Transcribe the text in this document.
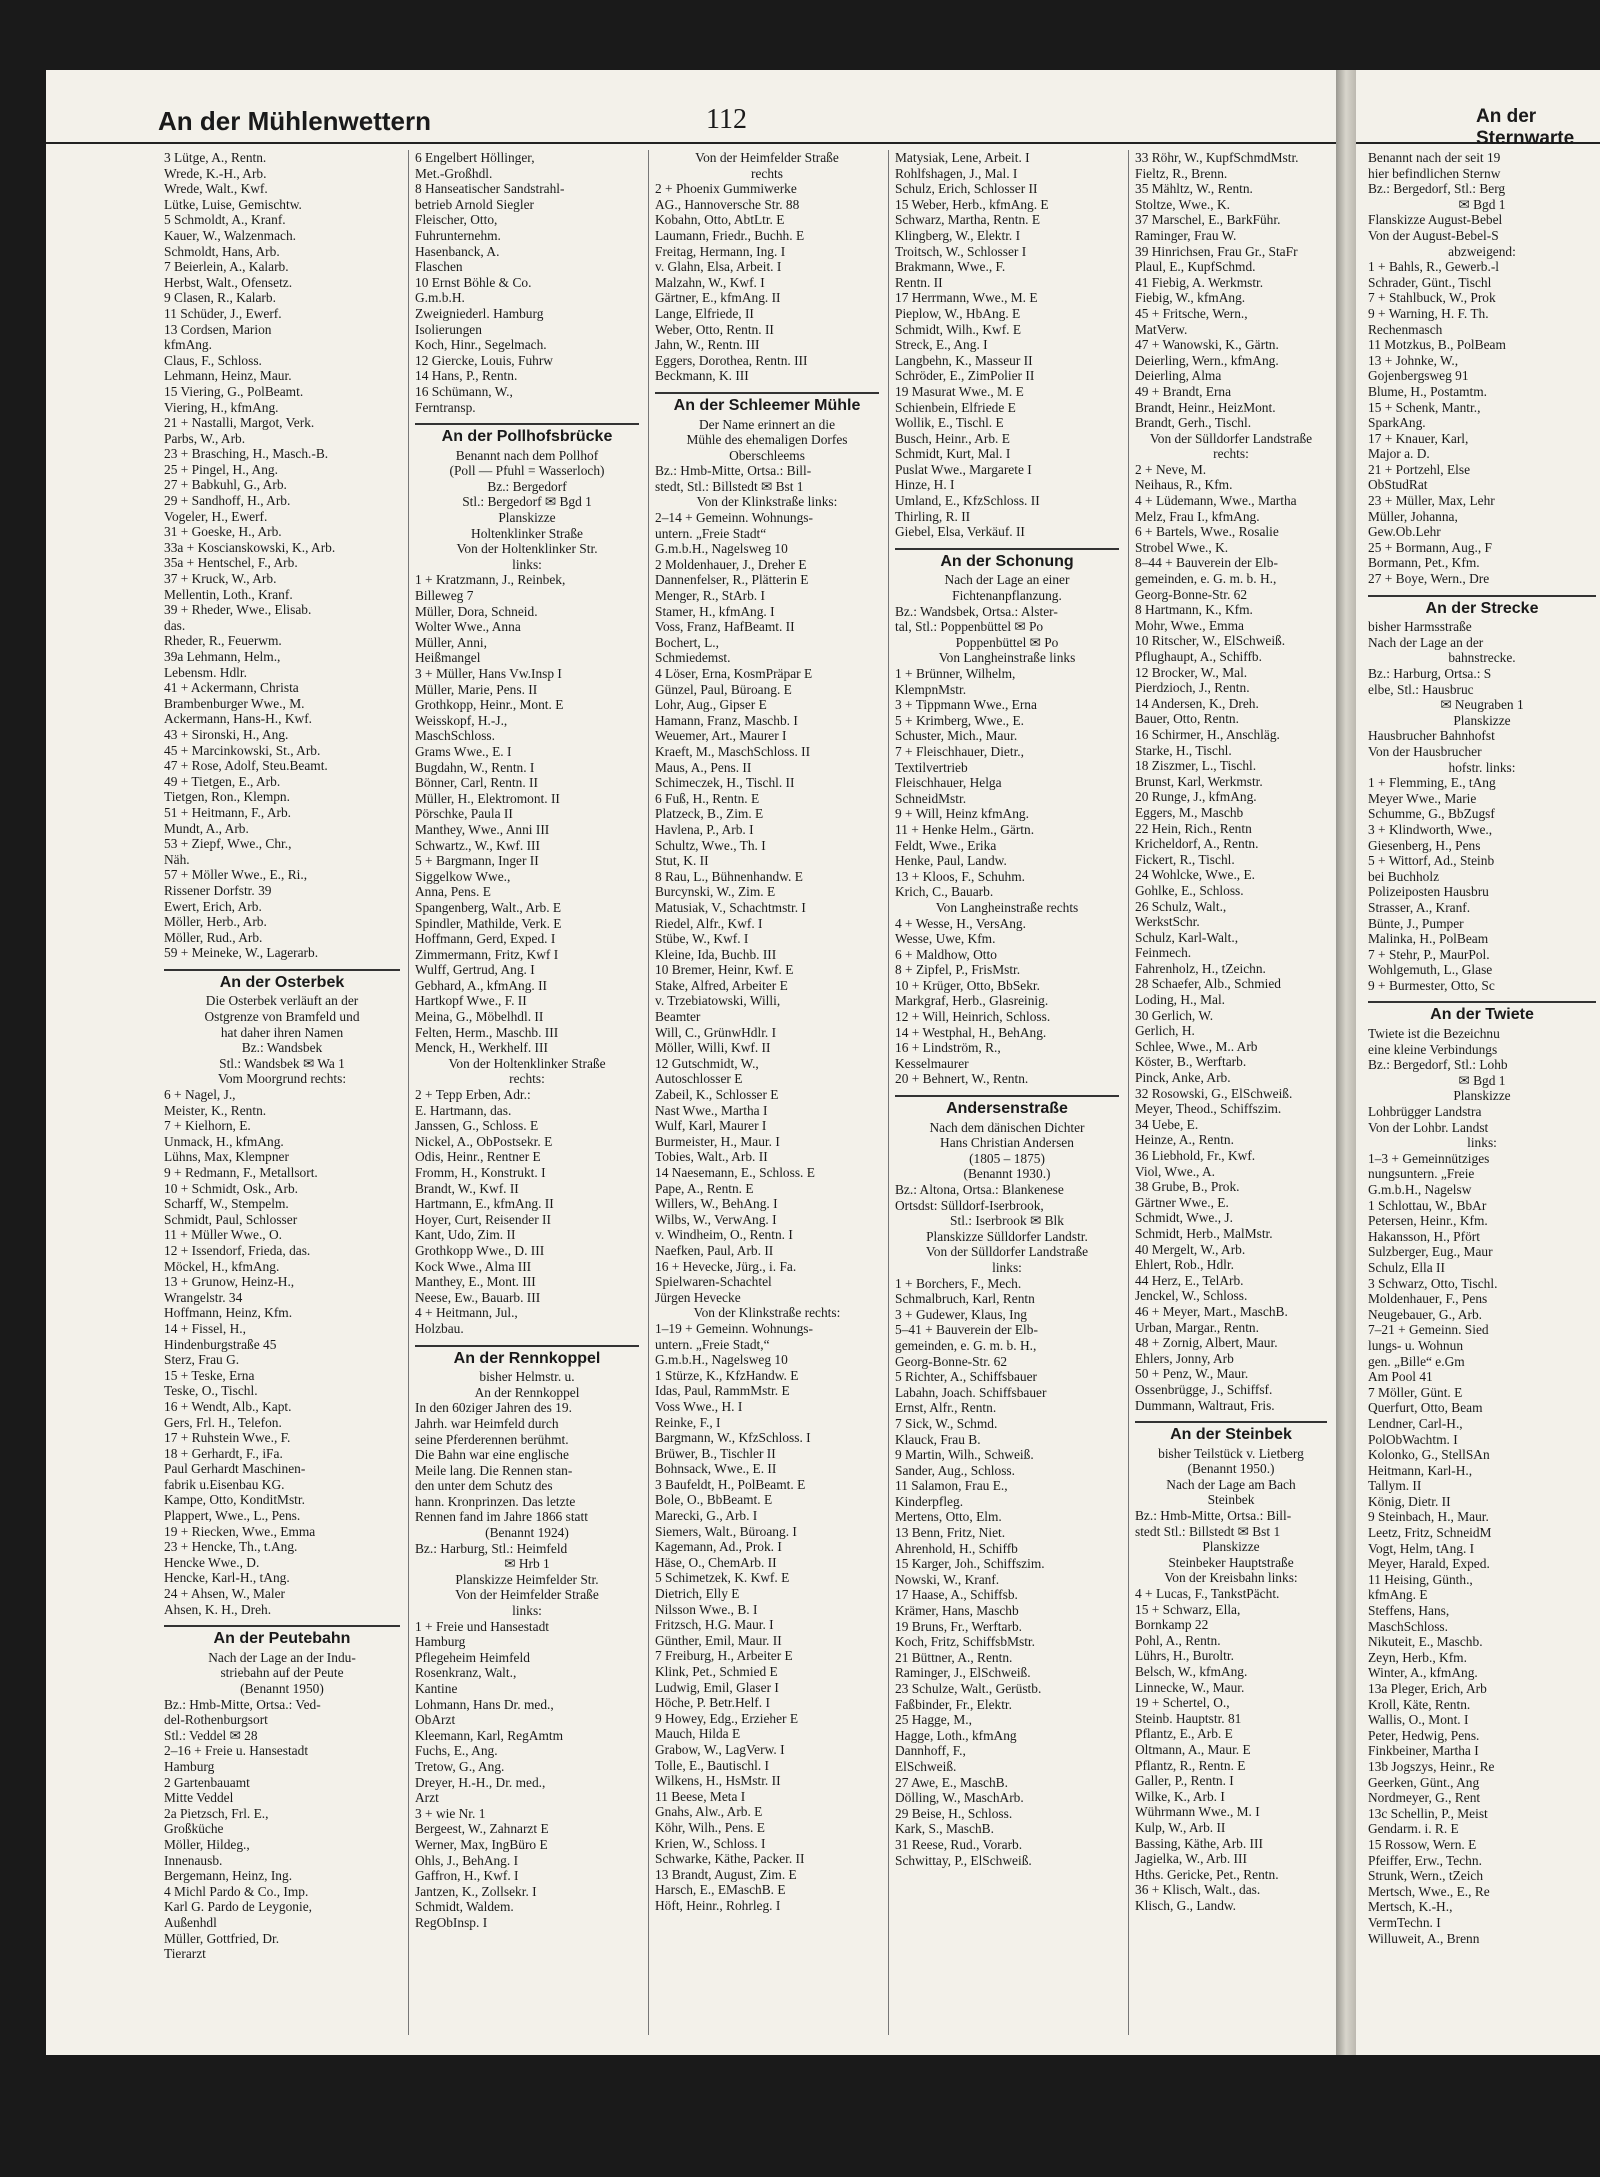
An der Mühlenwettern	112
3 Lütge, A., Rentn.
Wrede, K.-H., Arb.
Wrede, Walt., Kwf.
Lütke, Luise, Gemischtw.
5 Schmoldt, A., Kranf.
Kauer, W., Walzenmach.
Schmoldt, Hans, Arb.
7 Beierlein, A., Kalarb.
Herbst, Walt., Ofensetz.
9 Clasen, R., Kalarb.
11 Schüder, J., Ewerf.
13 Cordsen, Marion
kfmAng.
Claus, F., Schloss.
Lehmann, Heinz, Maur.
15 Viering, G., PolBeamt.
Viering, H., kfmAng.
21 + Nastalli, Margot, Verk.
Parbs, W., Arb.
23 + Brasching, H., Masch.-B.
25 + Pingel, H., Ang.
27 + Babkuhl, G., Arb.
29 + Sandhoff, H., Arb.
Vogeler, H., Ewerf.
31 + Goeske, H., Arb.
33a + Koscianskowski, K., Arb.
35a + Hentschel, F., Arb.
37 + Kruck, W., Arb.
Mellentin, Loth., Kranf.
39 + Rheder, Wwe., Elisab.
das.
Rheder, R., Feuerwm.
39a Lehmann, Helm.,
Lebensm. Hdlr.
41 + Ackermann, Christa
Brambenburger Wwe., M.
Ackermann, Hans-H., Kwf.
43 + Sironski, H., Ang.
45 + Marcinkowski, St., Arb.
47 + Rose, Adolf, Steu.Beamt.
49 + Tietgen, E., Arb.
Tietgen, Ron., Klempn.
51 + Heitmann, F., Arb.
Mundt, A., Arb.
53 + Ziepf, Wwe., Chr.,
Näh.
57 + Möller Wwe., E., Ri.,
Rissener Dorfstr. 39
Ewert, Erich, Arb.
Möller, Herb., Arb.
Möller, Rud., Arb.
59 + Meineke, W., Lagerarb.
An der Osterbek
Die Osterbek verläuft an der
Ostgrenze von Bramfeld und
hat daher ihren Namen
Bz.: Wandsbek
Stl.: Wandsbek ✉ Wa 1
Vom Moorgrund rechts:
6 + Nagel, J.,
Meister, K., Rentn.
7 + Kielhorn, E.
Unmack, H., kfmAng.
Lühns, Max, Klempner
9 + Redmann, F., Metallsort.
10 + Schmidt, Osk., Arb.
Scharff, W., Stempelm.
Schmidt, Paul, Schlosser
11 + Müller Wwe., O.
12 + Issendorf, Frieda, das.
Möckel, H., kfmAng.
13 + Grunow, Heinz-H.,
Wrangelstr. 34
Hoffmann, Heinz, Kfm.
14 + Fissel, H.,
Hindenburgstraße 45
Sterz, Frau G.
15 + Teske, Erna
Teske, O., Tischl.
16 + Wendt, Alb., Kapt.
Gers, Frl. H., Telefon.
17 + Ruhstein Wwe., F.
18 + Gerhardt, F., iFa.
Paul Gerhardt Maschinen-
fabrik u.Eisenbau KG.
Kampe, Otto, KonditMstr.
Plappert, Wwe., L., Pens.
19 + Riecken, Wwe., Emma
23 + Hencke, Th., t.Ang.
Hencke Wwe., D.
Hencke, Karl-H., tAng.
24 + Ahsen, W., Maler
Ahsen, K. H., Dreh.
An der Peutebahn
Nach der Lage an der Indu-
striebahn auf der Peute
(Benannt 1950)
Bz.: Hmb-Mitte, Ortsa.: Ved-
del-Rothenburgsort
Stl.: Veddel ✉ 28
2–16 + Freie u. Hansestadt
Hamburg
2 Gartenbauamt
Mitte Veddel
2a Pietzsch, Frl. E.,
Großküche
Möller, Hildeg.,
Innenausb.
Bergemann, Heinz, Ing.
4 Michl Pardo & Co., Imp.
Karl G. Pardo de Leygonie,
Außenhdl
Müller, Gottfried, Dr.
Tierarzt
6 Engelbert Höllinger,
Met.-Großhdl.
8 Hanseatischer Sandstrahl-
betrieb Arnold Siegler
Fleischer, Otto,
Fuhrunternehm.
Hasenbanck, A.
Flaschen
10 Ernst Böhle & Co.
G.m.b.H.
Zweigniederl. Hamburg
Isolierungen
Koch, Hinr., Segelmach.
12 Giercke, Louis, Fuhrw
14 Hans, P., Rentn.
16 Schümann, W.,
Ferntransp.
An der Pollhofsbrücke
Benannt nach dem Pollhof
(Poll — Pfuhl = Wasserloch)
Bz.: Bergedorf
Stl.: Bergedorf ✉ Bgd 1
Planskizze
Holtenklinker Straße
Von der Holtenklinker Str.
links:
1 + Kratzmann, J., Reinbek,
Billeweg 7
Müller, Dora, Schneid.
Wolter Wwe., Anna
Müller, Anni,
Heißmangel
3 + Müller, Hans Vw.Insp I
Müller, Marie, Pens. II
Grothkopp, Heinr., Mont. E
Weisskopf, H.-J.,
MaschSchloss.
Grams Wwe., E. I
Bugdahn, W., Rentn. I
Bönner, Carl, Rentn. II
Müller, H., Elektromont. II
Pörschke, Paula II
Manthey, Wwe., Anni III
Schwartz., W., Kwf. III
5 + Bargmann, Inger II
Siggelkow Wwe.,
Anna, Pens. E
Spangenberg, Walt., Arb. E
Spindler, Mathilde, Verk. E
Hoffmann, Gerd, Exped. I
Zimmermann, Fritz, Kwf I
Wulff, Gertrud, Ang. I
Gebhard, A., kfmAng. II
Hartkopf Wwe., F. II
Meina, G., Möbelhdl. II
Felten, Herm., Maschb. III
Menck, H., Werkhelf. III
Von der Holtenklinker Straße
rechts:
2 + Tepp Erben, Adr.:
E. Hartmann, das.
Janssen, G., Schloss. E
Nickel, A., ObPostsekr. E
Odis, Heinr., Rentner E
Fromm, H., Konstrukt. I
Brandt, W., Kwf. II
Hartmann, E., kfmAng. II
Hoyer, Curt, Reisender II
Kant, Udo, Zim. II
Grothkopp Wwe., D. III
Kock Wwe., Alma III
Manthey, E., Mont. III
Neese, Ew., Bauarb. III
4 + Heitmann, Jul.,
Holzbau.
An der Rennkoppel
bisher Helmstr. u.
An der Rennkoppel
In den 60ziger Jahren des 19.
Jahrh. war Heimfeld durch
seine Pferderennen berühmt.
Die Bahn war eine englische
Meile lang. Die Rennen stan-
den unter dem Schutz des
hann. Kronprinzen. Das letzte
Rennen fand im Jahre 1866 statt
(Benannt 1924)
Bz.: Harburg, Stl.: Heimfeld
✉ Hrb 1
Planskizze Heimfelder Str.
Von der Heimfelder Straße
links:
1 + Freie und Hansestadt
Hamburg
Pflegeheim Heimfeld
Rosenkranz, Walt.,
Kantine
Lohmann, Hans Dr. med.,
ObArzt
Kleemann, Karl, RegAmtm
Fuchs, E., Ang.
Tretow, G., Ang.
Dreyer, H.-H., Dr. med.,
Arzt
3 + wie Nr. 1
Bergeest, W., Zahnarzt E
Werner, Max, IngBüro E
Ohls, J., BehAng. I
Gaffron, H., Kwf. I
Jantzen, K., Zollsekr. I
Schmidt, Waldem.
RegObInsp. I
Von der Heimfelder Straße
rechts
2 + Phoenix Gummiwerke
AG., Hannoversche Str. 88
Kobahn, Otto, AbtLtr. E
Laumann, Friedr., Buchh. E
Freitag, Hermann, Ing. I
v. Glahn, Elsa, Arbeit. I
Malzahn, W., Kwf. I
Gärtner, E., kfmAng. II
Lange, Elfriede, II
Weber, Otto, Rentn. II
Jahn, W., Rentn. III
Eggers, Dorothea, Rentn. III
Beckmann, K. III
An der Schleemer Mühle
Der Name erinnert an die
Mühle des ehemaligen Dorfes
Oberschleems
Bz.: Hmb-Mitte, Ortsa.: Bill-
stedt, Stl.: Billstedt ✉ Bst 1
Von der Klinkstraße links:
2–14 + Gemeinn. Wohnungs-
untern. „Freie Stadt“
G.m.b.H., Nagelsweg 10
2 Moldenhauer, J., Dreher E
Dannenfelser, R., Plätterin E
Menger, R., StArb. I
Stamer, H., kfmAng. I
Voss, Franz, HafBeamt. II
Bochert, L.,
Schmiedemst.
4 Löser, Erna, KosmPräpar E
Günzel, Paul, Büroang. E
Lohr, Aug., Gipser E
Hamann, Franz, Maschb. I
Weuemer, Art., Maurer I
Kraeft, M., MaschSchloss. II
Maus, A., Pens. II
Schimeczek, H., Tischl. II
6 Fuß, H., Rentn. E
Platzeck, B., Zim. E
Havlena, P., Arb. I
Schultz, Wwe., Th. I
Stut, K. II
8 Rau, L., Bühnenhandw. E
Burcynski, W., Zim. E
Matusiak, V., Schachtmstr. I
Riedel, Alfr., Kwf. I
Stübe, W., Kwf. I
Kleine, Ida, Buchb. III
10 Bremer, Heinr, Kwf. E
Stake, Alfred, Arbeiter E
v. Trzebiatowski, Willi,
Beamter
Will, C., GrünwHdlr. I
Möller, Willi, Kwf. II
12 Gutschmidt, W.,
Autoschlosser E
Zabeil, K., Schlosser E
Nast Wwe., Martha I
Wulf, Karl, Maurer I
Burmeister, H., Maur. I
Tobies, Walt., Arb. II
14 Naesemann, E., Schloss. E
Pape, A., Rentn. E
Willers, W., BehAng. I
Wilbs, W., VerwAng. I
v. Windheim, O., Rentn. I
Naefken, Paul, Arb. II
16 + Hevecke, Jürg., i. Fa.
Spielwaren-Schachtel
Jürgen Hevecke
Von der Klinkstraße rechts:
1–19 + Gemeinn. Wohnungs-
untern. „Freie Stadt,“
G.m.b.H., Nagelsweg 10
1 Stürze, K., KfzHandw. E
Idas, Paul, RammMstr. E
Voss Wwe., H. I
Reinke, F., I
Bargmann, W., KfzSchloss. I
Brüwer, B., Tischler II
Bohnsack, Wwe., E. II
3 Baufeldt, H., PolBeamt. E
Bole, O., BbBeamt. E
Marecki, G., Arb. I
Siemers, Walt., Büroang. I
Kagemann, Ad., Prok. I
Häse, O., ChemArb. II
5 Schimetzek, K. Kwf. E
Dietrich, Elly E
Nilsson Wwe., B. I
Fritzsch, H.G. Maur. I
Günther, Emil, Maur. II
7 Freiburg, H., Arbeiter E
Klink, Pet., Schmied E
Ludwig, Emil, Glaser I
Höche, P. Betr.Helf. I
9 Howey, Edg., Erzieher E
Mauch, Hilda E
Grabow, W., LagVerw. I
Tolle, E., Bautischl. I
Wilkens, H., HsMstr. II
11 Beese, Meta I
Gnahs, Alw., Arb. E
Köhr, Wilh., Pens. E
Krien, W., Schloss. I
Schwarke, Käthe, Packer. II
13 Brandt, August, Zim. E
Harsch, E., EMaschB. E
Höft, Heinr., Rohrleg. I
Matysiak, Lene, Arbeit. I
Rohlfshagen, J., Mal. I
Schulz, Erich, Schlosser II
15 Weber, Herb., kfmAng. E
Schwarz, Martha, Rentn. E
Klingberg, W., Elektr. I
Troitsch, W., Schlosser I
Brakmann, Wwe., F.
Rentn. II
17 Herrmann, Wwe., M. E
Pieplow, W., HbAng. E
Schmidt, Wilh., Kwf. E
Streck, E., Ang. I
Langbehn, K., Masseur II
Schröder, E., ZimPolier II
19 Masurat Wwe., M. E
Schienbein, Elfriede E
Wollik, E., Tischl. E
Busch, Heinr., Arb. E
Schmidt, Kurt, Mal. I
Puslat Wwe., Margarete I
Hinze, H. I
Umland, E., KfzSchloss. II
Thirling, R. II
Giebel, Elsa, Verkäuf. II
An der Schonung
Nach der Lage an einer
Fichtenanpflanzung.
Bz.: Wandsbek, Ortsa.: Alster-
tal, Stl.: Poppenbüttel ✉ Po
Poppenbüttel ✉ Po
Von Langheinstraße links
1 + Brünner, Wilhelm,
KlempnMstr.
3 + Tippmann Wwe., Erna
5 + Krimberg, Wwe., E.
Schuster, Mich., Maur.
7 + Fleischhauer, Dietr.,
Textilvertrieb
Fleischhauer, Helga
SchneidMstr.
9 + Will, Heinz kfmAng.
11 + Henke Helm., Gärtn.
Feldt, Wwe., Erika
Henke, Paul, Landw.
13 + Kloos, F., Schuhm.
Krich, C., Bauarb.
Von Langheinstraße rechts
4 + Wesse, H., VersAng.
Wesse, Uwe, Kfm.
6 + Maldhow, Otto
8 + Zipfel, P., FrisMstr.
10 + Krüger, Otto, BbSekr.
Markgraf, Herb., Glasreinig.
12 + Will, Heinrich, Schloss.
14 + Westphal, H., BehAng.
16 + Lindström, R.,
Kesselmaurer
20 + Behnert, W., Rentn.
Andersenstraße
Nach dem dänischen Dichter
Hans Christian Andersen
(1805 – 1875)
(Benannt 1930.)
Bz.: Altona, Ortsa.: Blankenese
Ortsdst: Sülldorf-Iserbrook,
Stl.: Iserbrook ✉ Blk
Planskizze Sülldorfer Landstr.
Von der Sülldorfer Landstraße
links:
1 + Borchers, F., Mech.
Schmalbruch, Karl, Rentn
3 + Gudewer, Klaus, Ing
5–41 + Bauverein der Elb-
gemeinden, e. G. m. b. H.,
Georg-Bonne-Str. 62
5 Richter, A., Schiffsbauer
Labahn, Joach. Schiffsbauer
Ernst, Alfr., Rentn.
7 Sick, W., Schmd.
Klauck, Frau B.
9 Martin, Wilh., Schweiß.
Sander, Aug., Schloss.
11 Salamon, Frau E.,
Kinderpfleg.
Mertens, Otto, Elm.
13 Benn, Fritz, Niet.
Ahrenhold, H., Schiffb
15 Karger, Joh., Schiffszim.
Nowski, W., Kranf.
17 Haase, A., Schiffsb.
Krämer, Hans, Maschb
19 Bruns, Fr., Werftarb.
Koch, Fritz, SchiffsbMstr.
21 Büttner, A., Rentn.
Raminger, J., ElSchweiß.
23 Schulze, Walt., Gerüstb.
Faßbinder, Fr., Elektr.
25 Hagge, M.,
Hagge, Loth., kfmAng
Dannhoff, F.,
ElSchweiß.
27 Awe, E., MaschB.
Dölling, W., MaschArb.
29 Beise, H., Schloss.
Kark, S., MaschB.
31 Reese, Rud., Vorarb.
Schwittay, P., ElSchweiß.
33 Röhr, W., KupfSchmdMstr.
Fieltz, R., Brenn.
35 Mähltz, W., Rentn.
Stoltze, Wwe., K.
37 Marschel, E., BarkFühr.
Raminger, Frau W.
39 Hinrichsen, Frau Gr., StaFr
Plaul, E., KupfSchmd.
41 Fiebig, A. Werkmstr.
Fiebig, W., kfmAng.
45 + Fritsche, Wern.,
MatVerw.
47 + Wanowski, K., Gärtn.
Deierling, Wern., kfmAng.
Deierling, Alma
49 + Brandt, Erna
Brandt, Heinr., HeizMont.
Brandt, Gerh., Tischl.
Von der Sülldorfer Landstraße
rechts:
2 + Neve, M.
Neihaus, R., Kfm.
4 + Lüdemann, Wwe., Martha
Melz, Frau I., kfmAng.
6 + Bartels, Wwe., Rosalie
Strobel Wwe., K.
8–44 + Bauverein der Elb-
gemeinden, e. G. m. b. H.,
Georg-Bonne-Str. 62
8 Hartmann, K., Kfm.
Mohr, Wwe., Emma
10 Ritscher, W., ElSchweiß.
Pflughaupt, A., Schiffb.
12 Brocker, W., Mal.
Pierdzioch, J., Rentn.
14 Andersen, K., Dreh.
Bauer, Otto, Rentn.
16 Schirmer, H., Anschläg.
Starke, H., Tischl.
18 Ziszmer, L., Tischl.
Brunst, Karl, Werkmstr.
20 Runge, J., kfmAng.
Eggers, M., Maschb
22 Hein, Rich., Rentn
Kricheldorf, A., Rentn.
Fickert, R., Tischl.
24 Wohlcke, Wwe., E.
Gohlke, E., Schloss.
26 Schulz, Walt.,
WerkstSchr.
Schulz, Karl-Walt.,
Feinmech.
Fahrenholz, H., tZeichn.
28 Schaefer, Alb., Schmied
Loding, H., Mal.
30 Gerlich, W.
Gerlich, H.
Schlee, Wwe., M.. Arb
Köster, B., Werftarb.
Pinck, Anke, Arb.
32 Rosowski, G., ElSchweiß.
Meyer, Theod., Schiffszim.
34 Uebe, E.
Heinze, A., Rentn.
36 Liebhold, Fr., Kwf.
Viol, Wwe., A.
38 Grube, B., Prok.
Gärtner Wwe., E.
Schmidt, Wwe., J.
Schmidt, Herb., MalMstr.
40 Mergelt, W., Arb.
Ehlert, Rob., Hdlr.
44 Herz, E., TelArb.
Jenckel, W., Schloss.
46 + Meyer, Mart., MaschB.
Urban, Margar., Rentn.
48 + Zornig, Albert, Maur.
Ehlers, Jonny, Arb
50 + Penz, W., Maur.
Ossenbrügge, J., Schiffsf.
Dummann, Waltraut, Fris.
An der Steinbek
bisher Teilstück v. Lietberg
(Benannt 1950.)
Nach der Lage am Bach
Steinbek
Bz.: Hmb-Mitte, Ortsa.: Bill-
stedt Stl.: Billstedt ✉ Bst 1
Planskizze
Steinbeker Hauptstraße
Von der Kreisbahn links:
4 + Lucas, F., TankstPächt.
15 + Schwarz, Ella,
Bornkamp 22
Pohl, A., Rentn.
Lührs, H., Buroltr.
Belsch, W., kfmAng.
Linnecke, W., Maur.
19 + Schertel, O.,
Steinb. Hauptstr. 81
Pflantz, E., Arb. E
Oltmann, A., Maur. E
Pflantz, R., Rentn. E
Galler, P., Rentn. I
Wilke, K., Arb. I
Wührmann Wwe., M. I
Kulp, W., Arb. II
Bassing, Käthe, Arb. III
Jagielka, W., Arb. III
Hths. Gericke, Pet., Rentn.
36 + Klisch, Walt., das.
Klisch, G., Landw.
An der Sternwarte
Benannt nach der seit 19
hier befindlichen Sternw
Bz.: Bergedorf, Stl.: Berg
✉ Bgd 1
Flanskizze August-Bebel
Von der August-Bebel-S
abzweigend:
1 + Bahls, R., Gewerb.-l
Schrader, Günt., Tischl
7 + Stahlbuck, W., Prok
9 + Warning, H. F. Th.
Rechenmasch
11 Motzkus, B., PolBeam
13 + Johnke, W.,
Gojenbergsweg 91
Blume, H., Postamtm.
15 + Schenk, Mantr.,
SparkAng.
17 + Knauer, Karl,
Major a. D.
21 + Portzehl, Else
ObStudRat
23 + Müller, Max, Lehr
Müller, Johanna,
Gew.Ob.Lehr
25 + Bormann, Aug., F
Bormann, Pet., Kfm.
27 + Boye, Wern., Dre
An der Strecke
bisher Harmsstraße
Nach der Lage an der
bahnstrecke.
Bz.: Harburg, Ortsa.: S
elbe, Stl.: Hausbruc
✉ Neugraben 1
Planskizze
Hausbrucher Bahnhofst
Von der Hausbrucher
hofstr. links:
1 + Flemming, E., tAng
Meyer Wwe., Marie
Schumme, G., BbZugsf
3 + Klindworth, Wwe.,
Giesenberg, H., Pens
5 + Wittorf, Ad., Steinb
bei Buchholz
Polizeiposten Hausbru
Strasser, A., Kranf.
Bünte, J., Pumper
Malinka, H., PolBeam
7 + Stehr, P., MaurPol.
Wohlgemuth, L., Glase
9 + Burmester, Otto, Sc
An der Twiete
Twiete ist die Bezeichnu
eine kleine Verbindungs
Bz.: Bergedorf, Stl.: Lohb
✉ Bgd 1
Planskizze
Lohbrügger Landstra
Von der Lohbr. Landst
links:
1–3 + Gemeinnütziges
nungsuntern. „Freie
G.m.b.H., Nagelsw
1 Schlottau, W., BbAr
Petersen, Heinr., Kfm.
Hakansson, H., Pfört
Sulzberger, Eug., Maur
Schulz, Ella II
3 Schwarz, Otto, Tischl.
Moldenhauer, F., Pens
Neugebauer, G., Arb.
7–21 + Gemeinn. Sied
lungs- u. Wohnun
gen. „Bille“ e.Gm
Am Pool 41
7 Möller, Günt. E
Querfurt, Otto, Beam
Lendner, Carl-H.,
PolObWachtm. I
Kolonko, G., StellSAn
Heitmann, Karl-H.,
Tallym. II
König, Dietr. II
9 Steinbach, H., Maur.
Leetz, Fritz, SchneidM
Vogt, Helm, tAng. I
Meyer, Harald, Exped.
11 Heising, Günth.,
kfmAng. E
Steffens, Hans,
MaschSchloss.
Nikuteit, E., Maschb.
Zeyn, Herb., Kfm.
Winter, A., kfmAng.
13a Pleger, Erich, Arb
Kroll, Käte, Rentn.
Wallis, O., Mont. I
Peter, Hedwig, Pens.
Finkbeiner, Martha I
13b Jogszys, Heinr., Re
Geerken, Günt., Ang
Nordmeyer, G., Rent
13c Schellin, P., Meist
Gendarm. i. R. E
15 Rossow, Wern. E
Pfeiffer, Erw., Techn.
Strunk, Wern., tZeich
Mertsch, Wwe., E., Re
Mertsch, K.-H.,
VermTechn. I
Willuweit, A., Brenn
